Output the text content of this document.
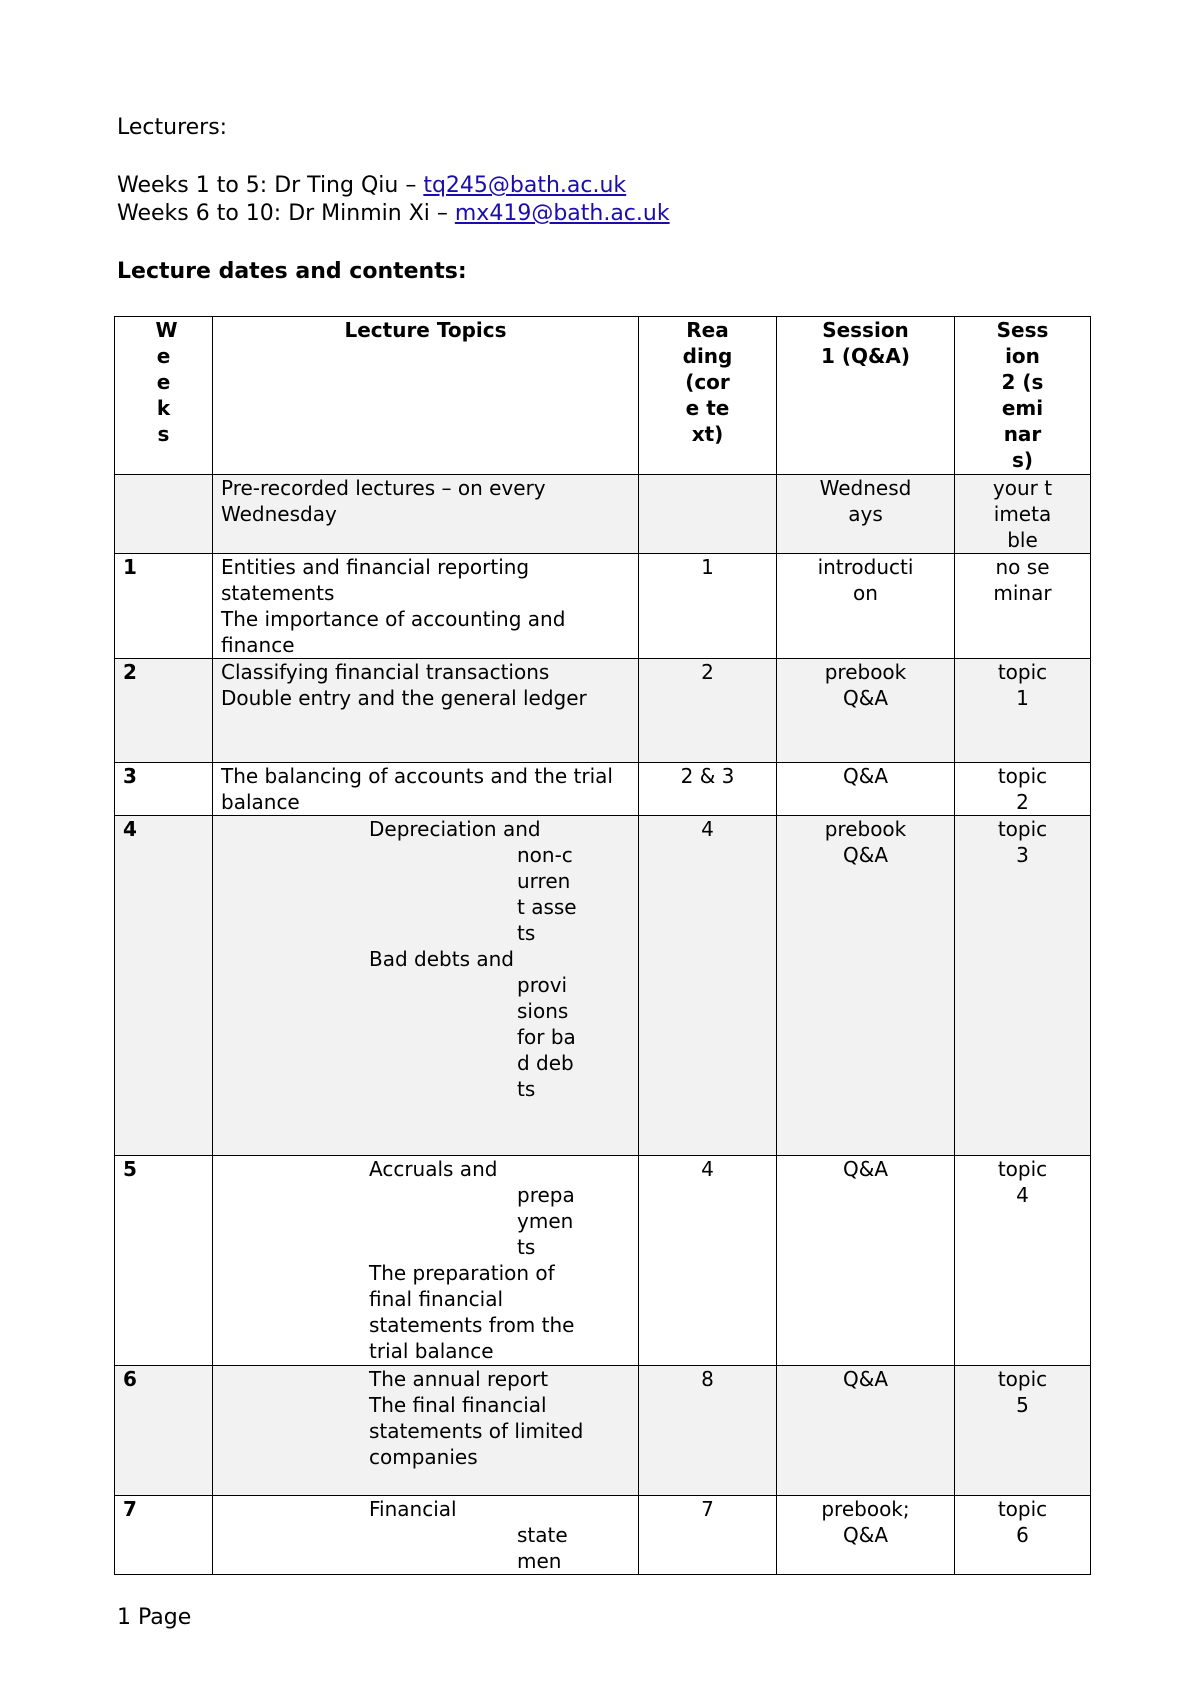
Lecturers:
Weeks 1 to 5: Dr Ting Qiu – tq245@bath.ac.uk
Weeks 6 to 10: Dr Minmin Xi – mx419@bath.ac.uk
Lecture dates and contents:
Weeks	Lecture Topics	Reading (core text)	Session 1 (Q&A)	Session 2 (seminars)

	Pre-recorded lectures – on every Wednesday		Wednesdays	your timetable

1	Entities and financial reporting statements
The importance of accounting and finance	1	introduction	no seminar

2	Classifying financial transactions
Double entry and the general ledger	2	prebook Q&A	topic 1

3	The balancing of accounts and the trial balance	2 & 3	Q&A	topic 2

4	Depreciation and
non-current assets
Bad debts and
provisions for bad debts	4	prebook Q&A	topic 3

5	Accruals and
prepayments
The preparation of final financial statements from the trial balance	4	Q&A	topic 4

6	The annual report
The final financial statements of limited companies	8	Q&A	topic 5

7	Financial
statemen	7	prebook; Q&A	topic 6
1 Page
